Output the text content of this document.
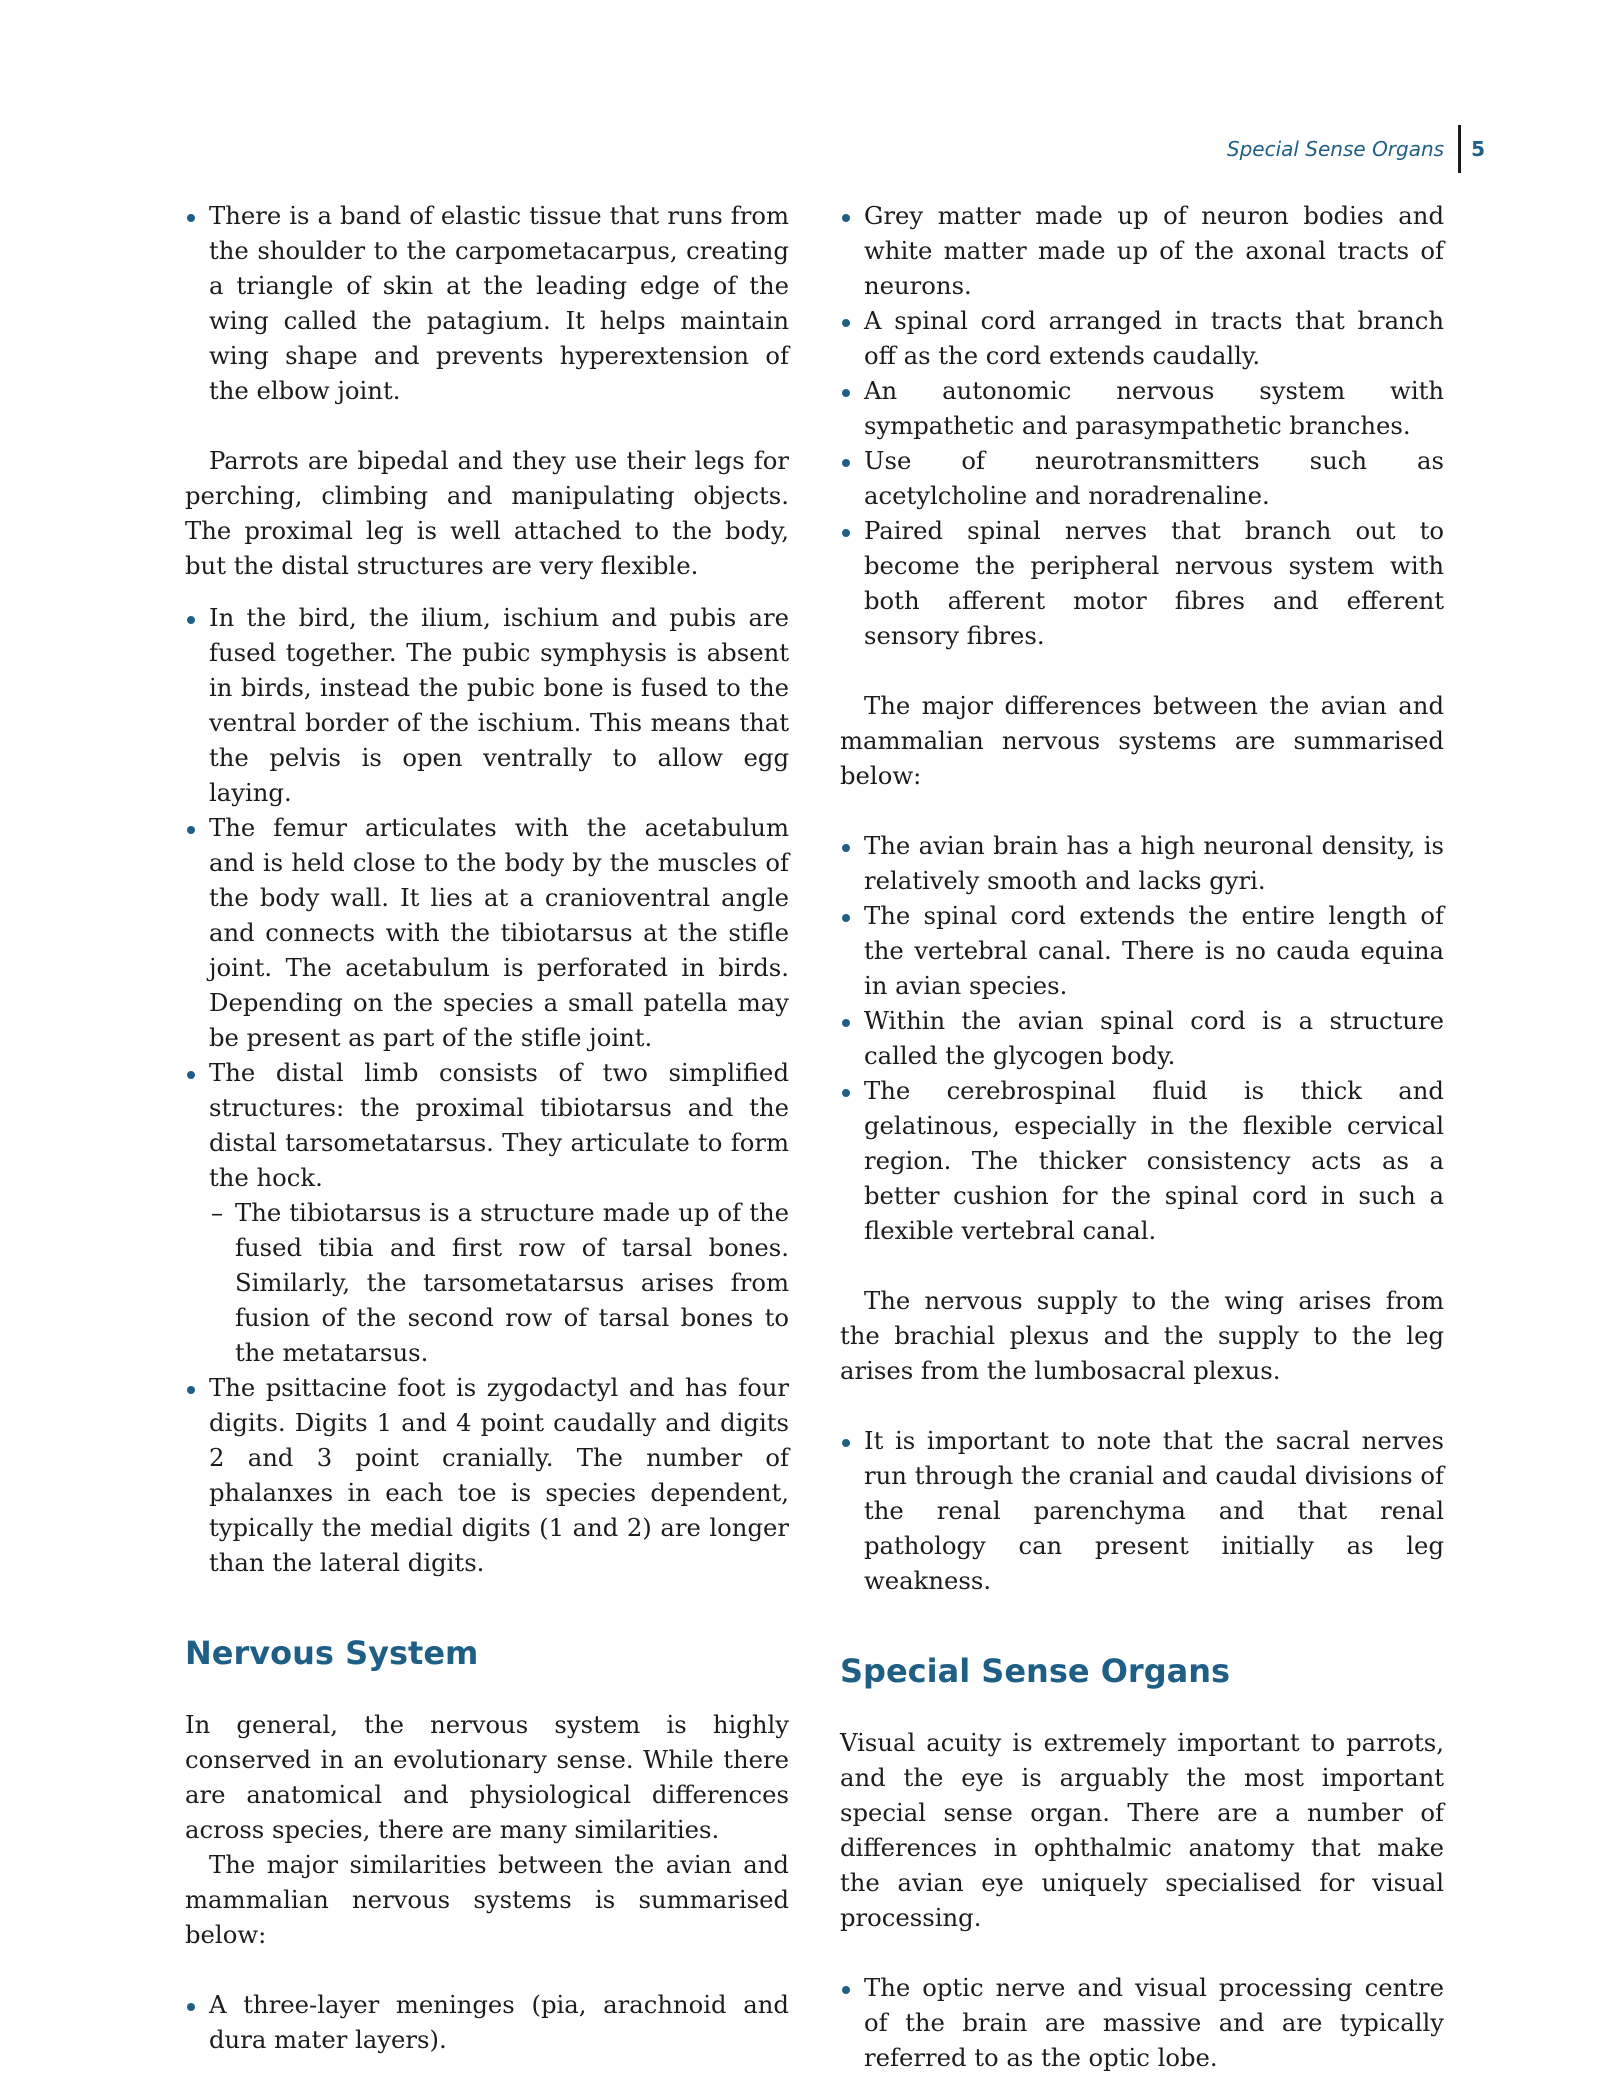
Special Sense Organs 5
There is a band of elastic tissue that runs from the shoulder to the carpometacarpus, creating a triangle of skin at the leading edge of the wing called the patagium. It helps maintain wing shape and prevents hyperextension of the elbow joint.

Parrots are bipedal and they use their legs for perching, climbing and manipulating objects. The proximal leg is well attached to the body, but the distal structures are very flexible.

In the bird, the ilium, ischium and pubis are fused together. The pubic symphysis is absent in birds, instead the pubic bone is fused to the ventral border of the ischium. This means that the pelvis is open ventrally to allow egg laying.
The femur articulates with the acetabulum and is held close to the body by the muscles of the body wall. It lies at a cranioventral angle and connects with the tibiotarsus at the stifle joint. The acetabulum is perforated in birds. Depending on the species a small patella may be present as part of the stifle joint.
The distal limb consists of two simplified structures: the proximal tibiotarsus and the distal tarsometatarsus. They articulate to form the hock.
– The tibiotarsus is a structure made up of the fused tibia and first row of tarsal bones. Similarly, the tarsometatarsus arises from fusion of the second row of tarsal bones to the metatarsus.
The psittacine foot is zygodactyl and has four digits. Digits 1 and 4 point caudally and digits 2 and 3 point cranially. The number of phalanxes in each toe is species dependent, typically the medial digits (1 and 2) are longer than the lateral digits.
Nervous System

In general, the nervous system is highly conserved in an evolutionary sense. While there are anatomical and physiological differences across species, there are many similarities.

The major similarities between the avian and mammalian nervous systems is summarised below:

A three-layer meninges (pia, arachnoid and dura mater layers).
Grey matter made up of neuron bodies and white matter made up of the axonal tracts of neurons.
A spinal cord arranged in tracts that branch off as the cord extends caudally.
An autonomic nervous system with sympathetic and parasympathetic branches.
Use of neurotransmitters such as acetylcholine and noradrenaline.
Paired spinal nerves that branch out to become the peripheral nervous system with both afferent motor fibres and efferent sensory fibres.

The major differences between the avian and mammalian nervous systems are summarised below:

The avian brain has a high neuronal density, is relatively smooth and lacks gyri.
The spinal cord extends the entire length of the vertebral canal. There is no cauda equina in avian species.
Within the avian spinal cord is a structure called the glycogen body.
The cerebrospinal fluid is thick and gelatinous, especially in the flexible cervical region. The thicker consistency acts as a better cushion for the spinal cord in such a flexible vertebral canal.

The nervous supply to the wing arises from the brachial plexus and the supply to the leg arises from the lumbosacral plexus.

It is important to note that the sacral nerves run through the cranial and caudal divisions of the renal parenchyma and that renal pathology can present initially as leg weakness.
Special Sense Organs

Visual acuity is extremely important to parrots, and the eye is arguably the most important special sense organ. There are a number of differences in ophthalmic anatomy that make the avian eye uniquely specialised for visual processing.

The optic nerve and visual processing centre of the brain are massive and are typically referred to as the optic lobe.
